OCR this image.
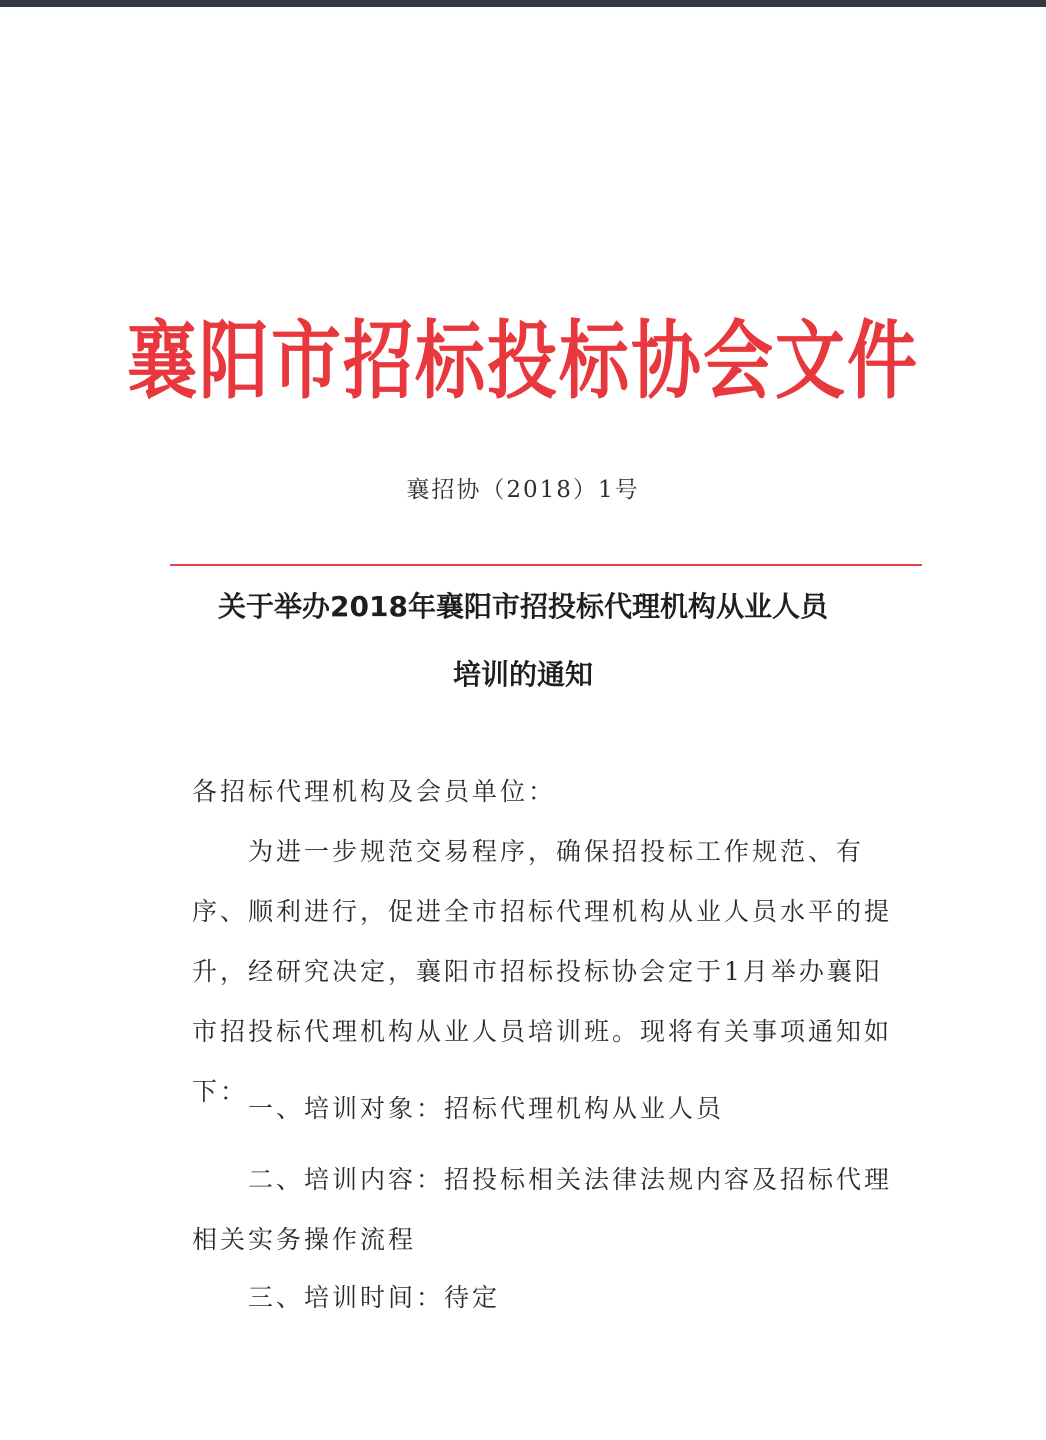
襄阳市招标投标协会文件
襄招协（2018）1号
关于举办2018年襄阳市招投标代理机构从业人员
培训的通知
各招标代理机构及会员单位：
为进一步规范交易程序，确保招投标工作规范、有序、顺利进行，促进全市招标代理机构从业人员水平的提升，经研究决定，襄阳市招标投标协会定于1月举办襄阳市招投标代理机构从业人员培训班。现将有关事项通知如下：
一、培训对象：招标代理机构从业人员
二、培训内容：招投标相关法律法规内容及招标代理相关实务操作流程
三、培训时间：待定
